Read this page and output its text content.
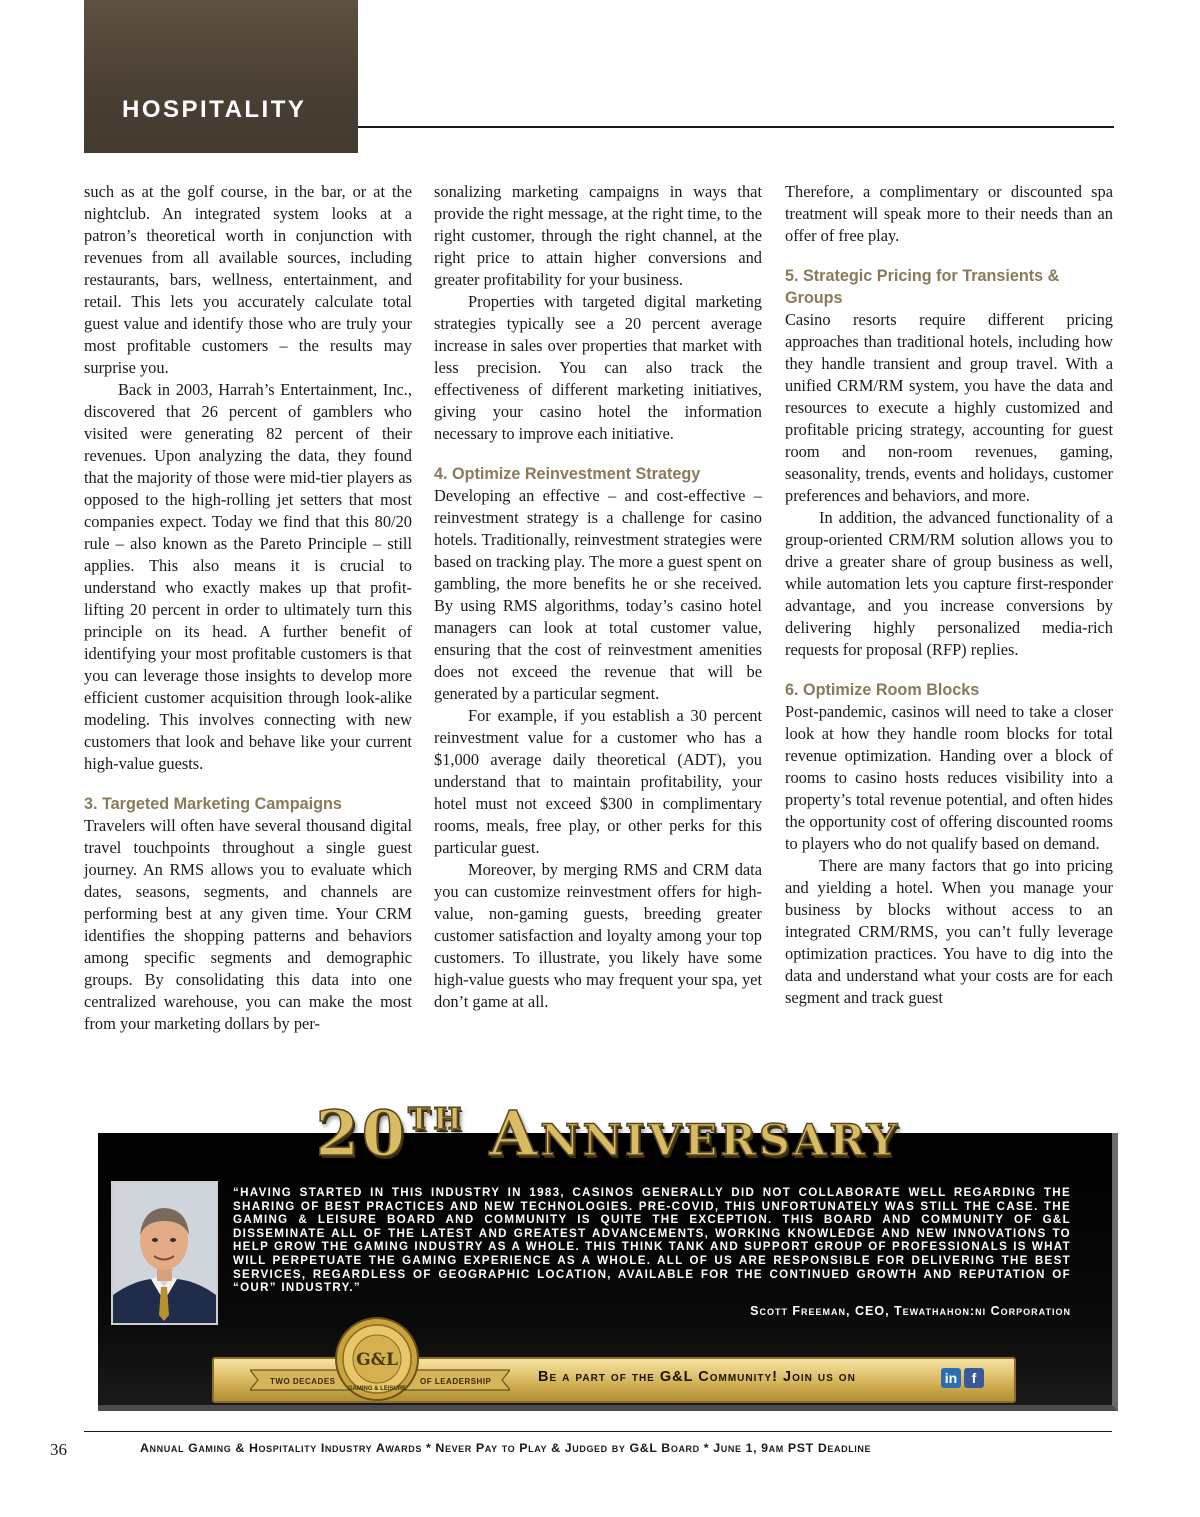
HOSPITALITY

such as at the golf course, in the bar, or at the nightclub. An integrated system looks at a patron’s theoretical worth in conjunction with revenues from all available sources, including restaurants, bars, wellness, entertainment, and retail. This lets you accurately calculate total guest value and identify those who are truly your most profitable customers – the results may surprise you.

Back in 2003, Harrah’s Entertainment, Inc., discovered that 26 percent of gamblers who visited were generating 82 percent of their revenues. Upon analyzing the data, they found that the majority of those were mid-tier players as opposed to the high-rolling jet setters that most companies expect. Today we find that this 80/20 rule – also known as the Pareto Principle – still applies. This also means it is crucial to understand who exactly makes up that profit-lifting 20 percent in order to ultimately turn this principle on its head. A further benefit of identifying your most profitable customers is that you can leverage those insights to develop more efficient customer acquisition through look-alike modeling. This involves connecting with new customers that look and behave like your current high-value guests.

3. Targeted Marketing Campaigns

Travelers will often have several thousand digital travel touchpoints throughout a single guest journey. An RMS allows you to evaluate which dates, seasons, segments, and channels are performing best at any given time. Your CRM identifies the shopping patterns and behaviors among specific segments and demographic groups. By consolidating this data into one centralized warehouse, you can make the most from your marketing dollars by per-

sonalizing marketing campaigns in ways that provide the right message, at the right time, to the right customer, through the right channel, at the right price to attain higher conversions and greater profitability for your business.

Properties with targeted digital marketing strategies typically see a 20 percent average increase in sales over properties that market with less precision. You can also track the effectiveness of different marketing initiatives, giving your casino hotel the information necessary to improve each initiative.

4. Optimize Reinvestment Strategy

Developing an effective – and cost-effective – reinvestment strategy is a challenge for casino hotels. Traditionally, reinvestment strategies were based on tracking play. The more a guest spent on gambling, the more benefits he or she received. By using RMS algorithms, today’s casino hotel managers can look at total customer value, ensuring that the cost of reinvestment amenities does not exceed the revenue that will be generated by a particular segment.

For example, if you establish a 30 percent reinvestment value for a customer who has a $1,000 average daily theoretical (ADT), you understand that to maintain profitability, your hotel must not exceed $300 in complimentary rooms, meals, free play, or other perks for this particular guest.

Moreover, by merging RMS and CRM data you can customize reinvestment offers for high-value, non-gaming guests, breeding greater customer satisfaction and loyalty among your top customers. To illustrate, you likely have some high-value guests who may frequent your spa, yet don’t game at all.

Therefore, a complimentary or discounted spa treatment will speak more to their needs than an offer of free play.

5. Strategic Pricing for Transients & Groups

Casino resorts require different pricing approaches than traditional hotels, including how they handle transient and group travel. With a unified CRM/RM system, you have the data and resources to execute a highly customized and profitable pricing strategy, accounting for guest room and non-room revenues, gaming, seasonality, trends, events and holidays, customer preferences and behaviors, and more.

In addition, the advanced functionality of a group-oriented CRM/RM solution allows you to drive a greater share of group business as well, while automation lets you capture first-responder advantage, and you increase conversions by delivering highly personalized media-rich requests for proposal (RFP) replies.

6. Optimize Room Blocks

Post-pandemic, casinos will need to take a closer look at how they handle room blocks for total revenue optimization. Handing over a block of rooms to casino hosts reduces visibility into a property’s total revenue potential, and often hides the opportunity cost of offering discounted rooms to players who do not qualify based on demand.

There are many factors that go into pricing and yielding a hotel. When you manage your business by blocks without access to an integrated CRM/RMS, you can’t fully leverage optimization practices. You have to dig into the data and understand what your costs are for each segment and track guest

20TH Anniversary
“HAVING STARTED IN THIS INDUSTRY IN 1983, CASINOS GENERALLY DID NOT COLLABORATE WELL REGARDING THE SHARING OF BEST PRACTICES AND NEW TECHNOLOGIES. PRE-COVID, THIS UNFORTUNATELY WAS STILL THE CASE. THE GAMING & LEISURE BOARD AND COMMUNITY IS QUITE THE EXCEPTION. THIS BOARD AND COMMUNITY OF G&L DISSEMINATE ALL OF THE LATEST AND GREATEST ADVANCEMENTS, WORKING KNOWLEDGE AND NEW INNOVATIONS TO HELP GROW THE GAMING INDUSTRY AS A WHOLE. THIS THINK TANK AND SUPPORT GROUP OF PROFESSIONALS IS WHAT WILL PERPETUATE THE GAMING EXPERIENCE AS A WHOLE. ALL OF US ARE RESPONSIBLE FOR DELIVERING THE BEST SERVICES, REGARDLESS OF GEOGRAPHIC LOCATION, AVAILABLE FOR THE CONTINUED GROWTH AND REPUTATION OF “OUR” INDUSTRY.”
Scott Freeman, CEO, Tewathahon:ni Corporation
TWO DECADES	OF LEADERSHIP
G&L
GAMING & LEISURE
Be a part of the G&L Community! Join us on	in	f
36	Annual Gaming & Hospitality Industry Awards * Never Pay to Play & Judged by G&L Board * June 1, 9am PST Deadline
